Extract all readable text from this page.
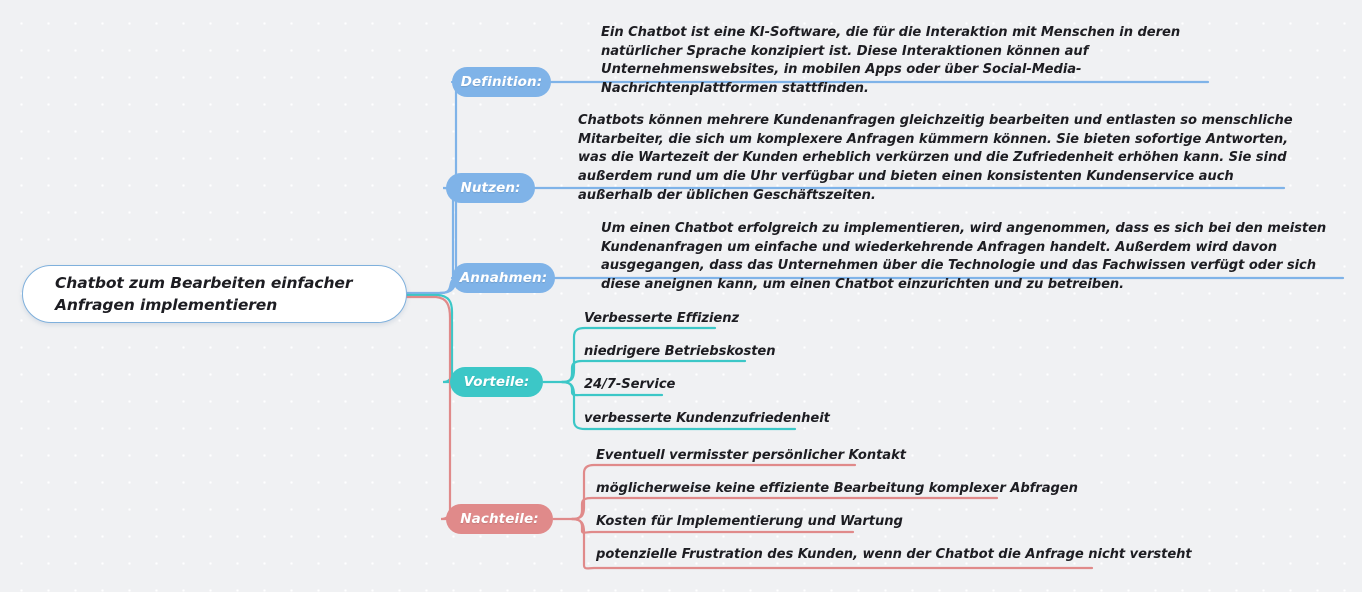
Chatbot zum Bearbeiten einfacher Anfragen implementieren
Definition:
Nutzen:
Annahmen:
Vorteile:
Nachteile:
Ein Chatbot ist eine KI-Software, die für die Interaktion mit Menschen in deren natürlicher Sprache konzipiert ist. Diese Interaktionen können auf Unternehmenswebsites, in mobilen Apps oder über Social-Media-Nachrichtenplattformen stattfinden.
Chatbots können mehrere Kundenanfragen gleichzeitig bearbeiten und entlasten so menschliche Mitarbeiter, die sich um komplexere Anfragen kümmern können. Sie bieten sofortige Antworten, was die Wartezeit der Kunden erheblich verkürzen und die Zufriedenheit erhöhen kann. Sie sind außerdem rund um die Uhr verfügbar und bieten einen konsistenten Kundenservice auch außerhalb der üblichen Geschäftszeiten.
Um einen Chatbot erfolgreich zu implementieren, wird angenommen, dass es sich bei den meisten Kundenanfragen um einfache und wiederkehrende Anfragen handelt. Außerdem wird davon ausgegangen, dass das Unternehmen über die Technologie und das Fachwissen verfügt oder sich diese aneignen kann, um einen Chatbot einzurichten und zu betreiben.
Verbesserte Effizienz
niedrigere Betriebskosten
24/7-Service
verbesserte Kundenzufriedenheit
Eventuell vermisster persönlicher Kontakt
möglicherweise keine effiziente Bearbeitung komplexer Abfragen
Kosten für Implementierung und Wartung
potenzielle Frustration des Kunden, wenn der Chatbot die Anfrage nicht versteht
